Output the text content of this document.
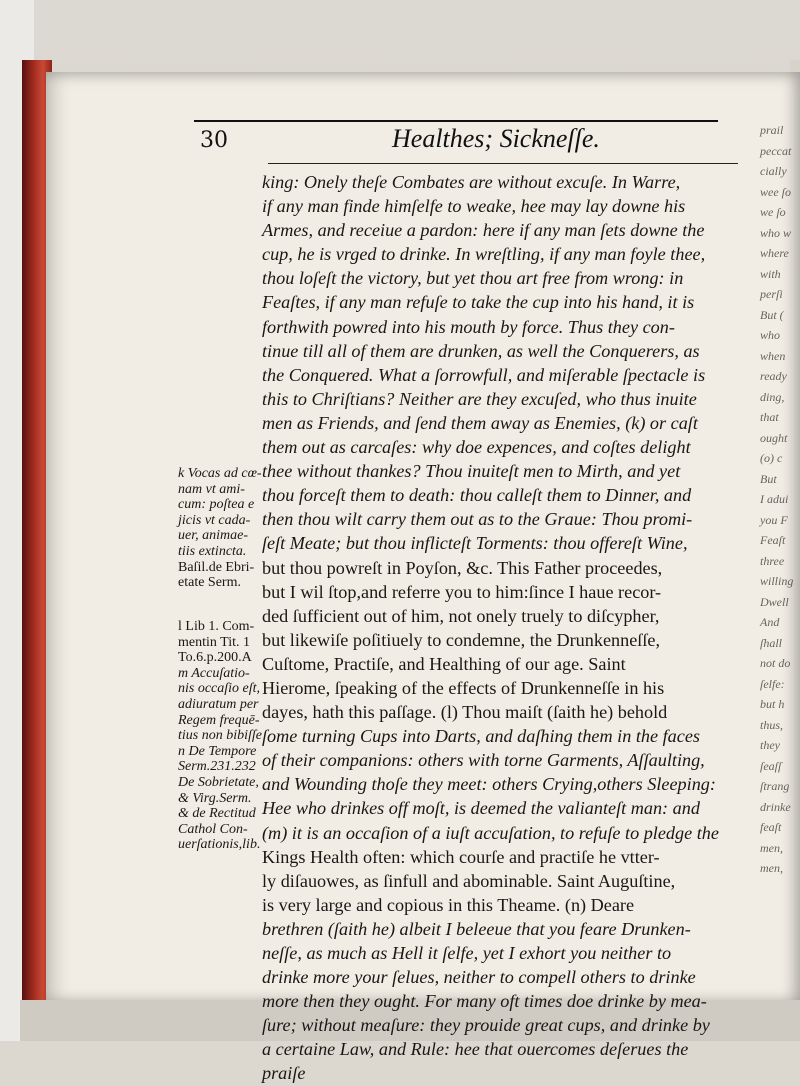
30	Healthes; Sickneſſe.
king: Onely theſe Combates are without excuſe. In Warre,
if any man finde himſelfe to weake, hee may lay downe his
Armes, and receiue a pardon: here if any man ſets downe the
cup, he is vrged to drinke. In wreſtling, if any man foyle thee,
thou loſeſt the victory, but yet thou art free from wrong: in
Feaſtes, if any man refuſe to take the cup into his hand, it is
forthwith powred into his mouth by force. Thus they con-
tinue till all of them are drunken, as well the Conquerers, as
the Conquered. What a ſorrowfull, and miſerable ſpectacle is
this to Chriſtians? Neither are they excuſed, who thus inuite
men as Friends, and ſend them away as Enemies, (k) or caſt
them out as carcaſes: why doe expences, and coſtes delight
thee without thankes? Thou inuiteſt men to Mirth, and yet
thou forceſt them to death: thou calleſt them to Dinner, and
then thou wilt carry them out as to the Graue: Thou promi-
ſeſt Meate; but thou inflicteſt Torments: thou offereſt Wine,
but thou powreſt in Poyſon, &c. This Father proceedes,
but I wil ſtop,and referre you to him:ſince I haue recor-
ded ſufficient out of him, not onely truely to diſcypher,
but likewiſe poſitiuely to condemne, the Drunkenneſſe,
Cuſtome, Practiſe, and Healthing of our age. Saint
Hierome, ſpeaking of the effects of Drunkenneſſe in his
dayes, hath this paſſage. (l) Thou maiſt (ſaith he) behold
ſome turning Cups into Darts, and daſhing them in the faces
of their companions: others with torne Garments, Aſſaulting,
and Wounding thoſe they meet: others Crying,others Sleeping:
Hee who drinkes off moſt, is deemed the valianteſt man: and
(m) it is an occaſion of a iuſt accuſation, to refuſe to pledge the
Kings Health often: which courſe and practiſe he vtter-
ly diſauowes, as ſinfull and abominable. Saint Auguſtine,
is very large and copious in this Theame. (n) Deare
brethren (ſaith he) albeit I beleeue that you feare Drunken-
neſſe, as much as Hell it ſelfe, yet I exhort you neither to
drinke more your ſelues, neither to compell others to drinke
more then they ought. For many oft times doe drinke by mea-
ſure; without meaſure: they prouide great cups, and drinke by
a certaine Law, and Rule: hee that ouercomes deſerues the
praiſe
k Vocas ad cœ-
nam vt ami-
cum: poſtea e
jicis vt cada-
uer, animae-
tiis extincta.
Baſil.de Ebri-
etate Serm.
l Lib 1. Com-
mentin Tit. 1
To.6.p.200.A
m Accuſatio-
nis occaſio eſt,
adiuratum per
Regem frequē-
tius non bibiſſe
n De Tempore
Serm.231.232
De Sobrietate,
& Virg.Serm.
& de Rectitud
Cathol Con-
uerſationis,lib.
prail
peccat
cially
wee ſo
we ſo
who w
where
with
perſi
But (
who
when
ready
ding,
that
ought
(o) c
But
I adui
you F
Feaſt
three
willing
Dwell
And
ſhall
not do
ſelfe:
but h
thus,
they
ſeaſſ
ſtrang
drinke
feaſt
men,
men,
